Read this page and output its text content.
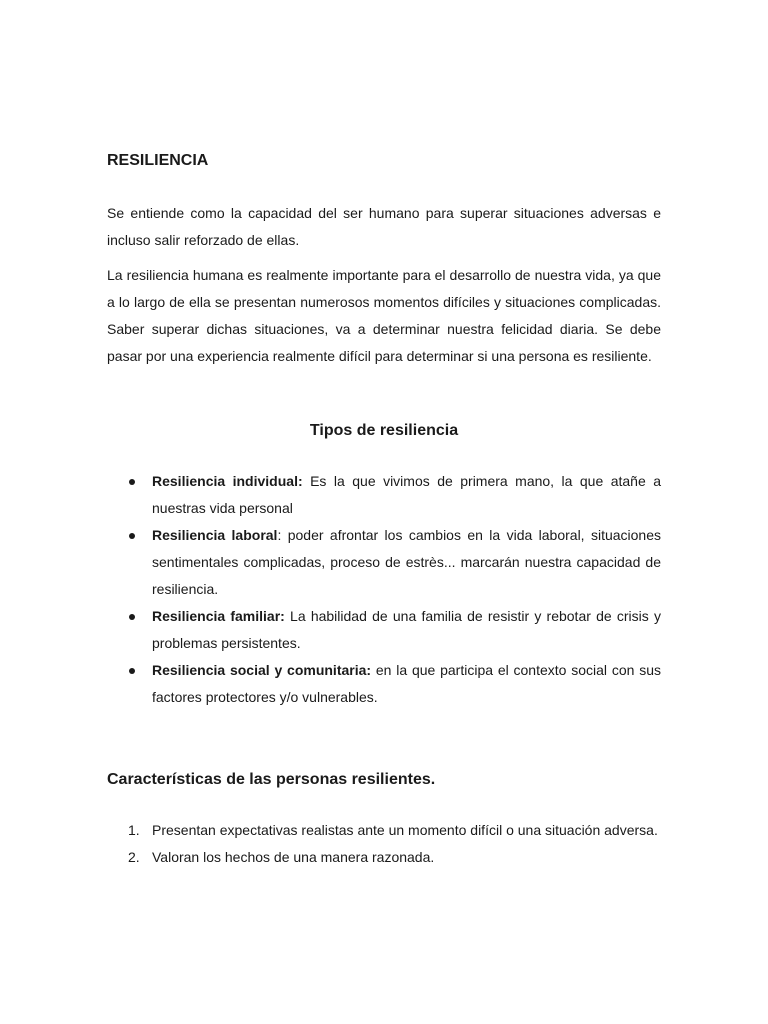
RESILIENCIA

Se entiende como la capacidad del ser humano para superar situaciones adversas e incluso salir reforzado de ellas.

La resiliencia humana es realmente importante para el desarrollo de nuestra vida, ya que a lo largo de ella se presentan numerosos momentos difíciles y situaciones complicadas. Saber superar dichas situaciones, va a determinar nuestra felicidad diaria. Se debe pasar por una experiencia realmente difícil para determinar si una persona es resiliente.

Tipos de resiliencia
Resiliencia individual: Es la que vivimos de primera mano, la que atañe a nuestras vida personal
Resiliencia laboral: poder afrontar los cambios en la vida laboral, situaciones sentimentales complicadas, proceso de estrès... marcarán nuestra capacidad de resiliencia.
Resiliencia familiar: La habilidad de una familia de resistir y rebotar de crisis y problemas persistentes.
Resiliencia social y comunitaria: en la que participa el contexto social con sus factores protectores y/o vulnerables.
Características de las personas resilientes.
1. Presentan expectativas realistas ante un momento difícil o una situación adversa.
2. Valoran los hechos de una manera razonada.
